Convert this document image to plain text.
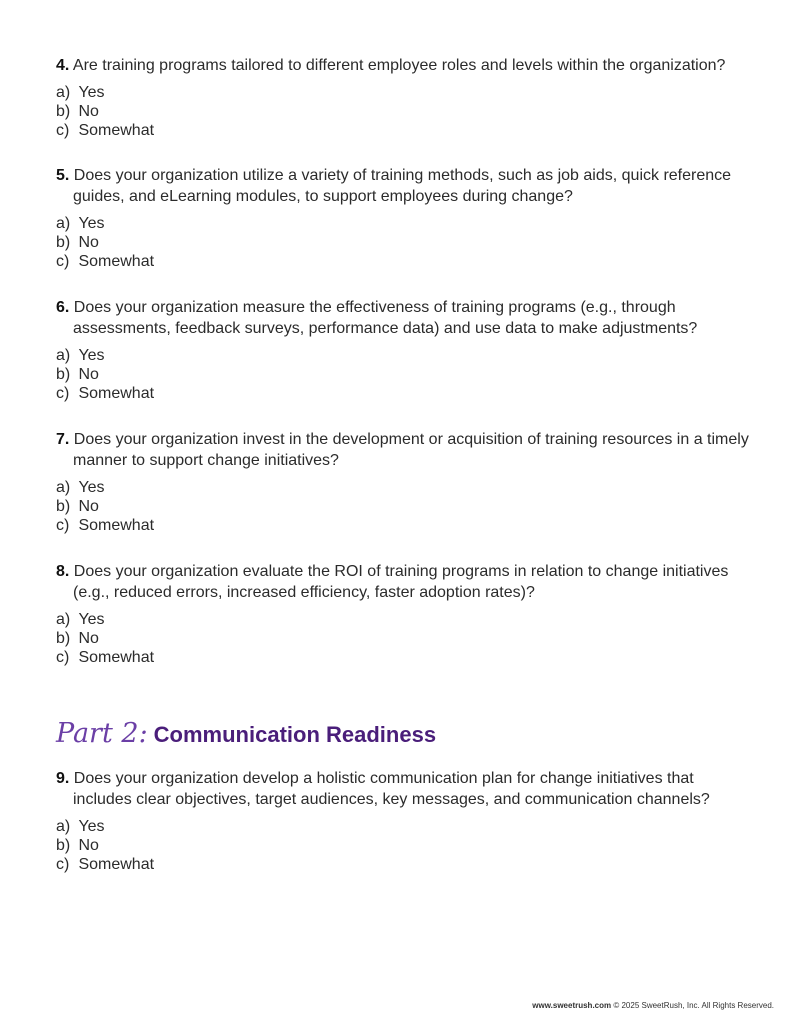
4. Are training programs tailored to different employee roles and levels within the organization?

a)
Yes
b)
No
c)
Somewhat

5. Does your organization utilize a variety of training methods, such as job aids, quick reference guides, and eLearning modules, to support employees during change?

a)
Yes
b)
No
c)
Somewhat

6. Does your organization measure the effectiveness of training programs (e.g., through assessments, feedback surveys, performance data) and use data to make adjustments?

a)
Yes
b)
No
c)
Somewhat

7. Does your organization invest in the development or acquisition of training resources in a timely manner to support change initiatives?

a)
Yes
b)
No
c)
Somewhat

8. Does your organization evaluate the ROI of training programs in relation to change initiatives (e.g., reduced errors, increased efficiency, faster adoption rates)?

a)
Yes
b)
No
c)
Somewhat
Part 2: Communication Readiness

9. Does your organization develop a holistic communication plan for change initiatives that includes clear objectives, target audiences, key messages, and communication channels?

a)
Yes
b)
No
c)
Somewhat
www.sweetrush.com © 2025 SweetRush, Inc. All Rights Reserved.
